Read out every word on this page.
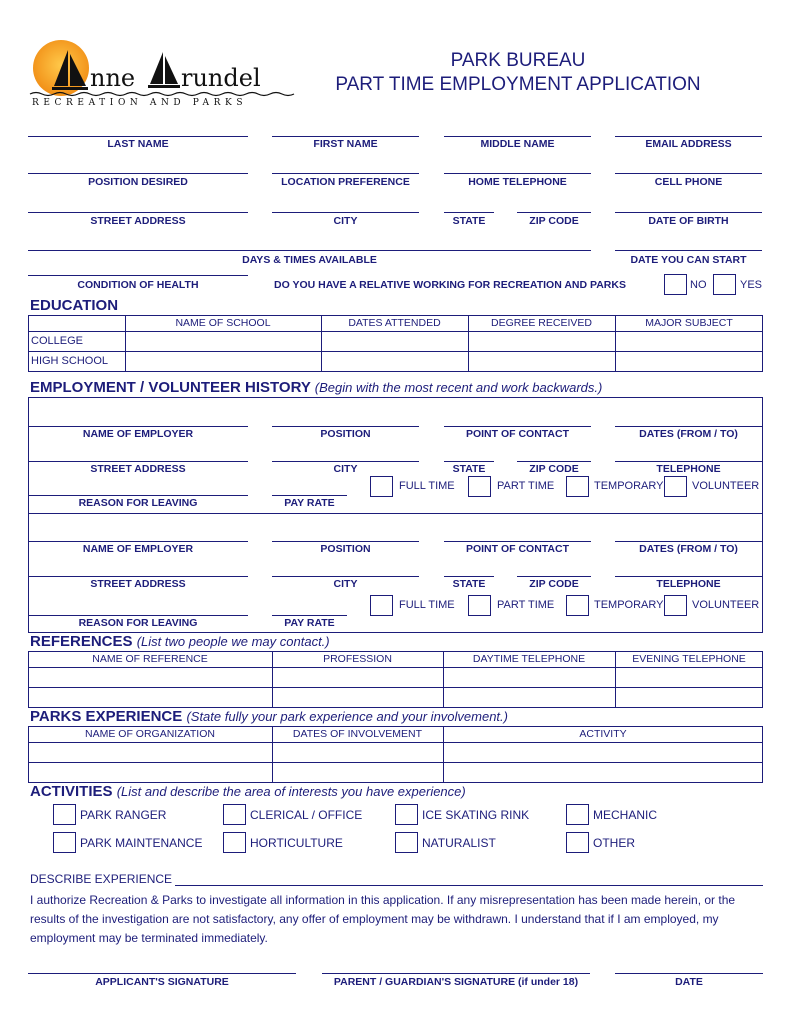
nne rundel
RECREATION AND PARKS
PARK BUREAU
PART TIME EMPLOYMENT APPLICATION
LAST NAME	FIRST NAME	MIDDLE NAME	EMAIL ADDRESS
POSITION DESIRED	LOCATION PREFERENCE	HOME TELEPHONE	CELL PHONE
STREET ADDRESS	CITY	STATE	ZIP CODE	DATE OF BIRTH
DAYS & TIMES AVAILABLE	DATE YOU CAN START
CONDITION OF HEALTH	DO YOU HAVE A RELATIVE WORKING FOR RECREATION AND PARKS	NO	YES
EDUCATION
NAME OF SCHOOL	DATES ATTENDED	DEGREE RECEIVED	MAJOR SUBJECT
COLLEGE
HIGH SCHOOL
EMPLOYMENT / VOLUNTEER HISTORY (Begin with the most recent and work backwards.)
NAME OF EMPLOYER	POSITION	POINT OF CONTACT	DATES (FROM / TO)
STREET ADDRESS	CITY	STATE	ZIP CODE	TELEPHONE
FULL TIME	PART TIME	TEMPORARY	VOLUNTEER
REASON FOR LEAVING	PAY RATE
NAME OF EMPLOYER	POSITION	POINT OF CONTACT	DATES (FROM / TO)
STREET ADDRESS	CITY	STATE	ZIP CODE	TELEPHONE
FULL TIME	PART TIME	TEMPORARY	VOLUNTEER
REASON FOR LEAVING	PAY RATE
REFERENCES (List two people we may contact.)
NAME OF REFERENCE	PROFESSION	DAYTIME TELEPHONE	EVENING TELEPHONE
PARKS EXPERIENCE (State fully your park experience and your involvement.)
NAME OF ORGANIZATION	DATES OF INVOLVEMENT	ACTIVITY
ACTIVITIES (List and describe the area of interests you have experience)
PARK RANGER	CLERICAL / OFFICE	ICE SKATING RINK	MECHANIC
PARK MAINTENANCE	HORTICULTURE	NATURALIST	OTHER
DESCRIBE EXPERIENCE
I authorize Recreation & Parks to investigate all information in this application. If any misrepresentation has been made herein, or the results of the investigation are not satisfactory, any offer of employment may be withdrawn. I understand that if I am employed, my employment may be terminated immediately.
APPLICANT'S SIGNATURE	PARENT / GUARDIAN'S SIGNATURE (if under 18)	DATE
